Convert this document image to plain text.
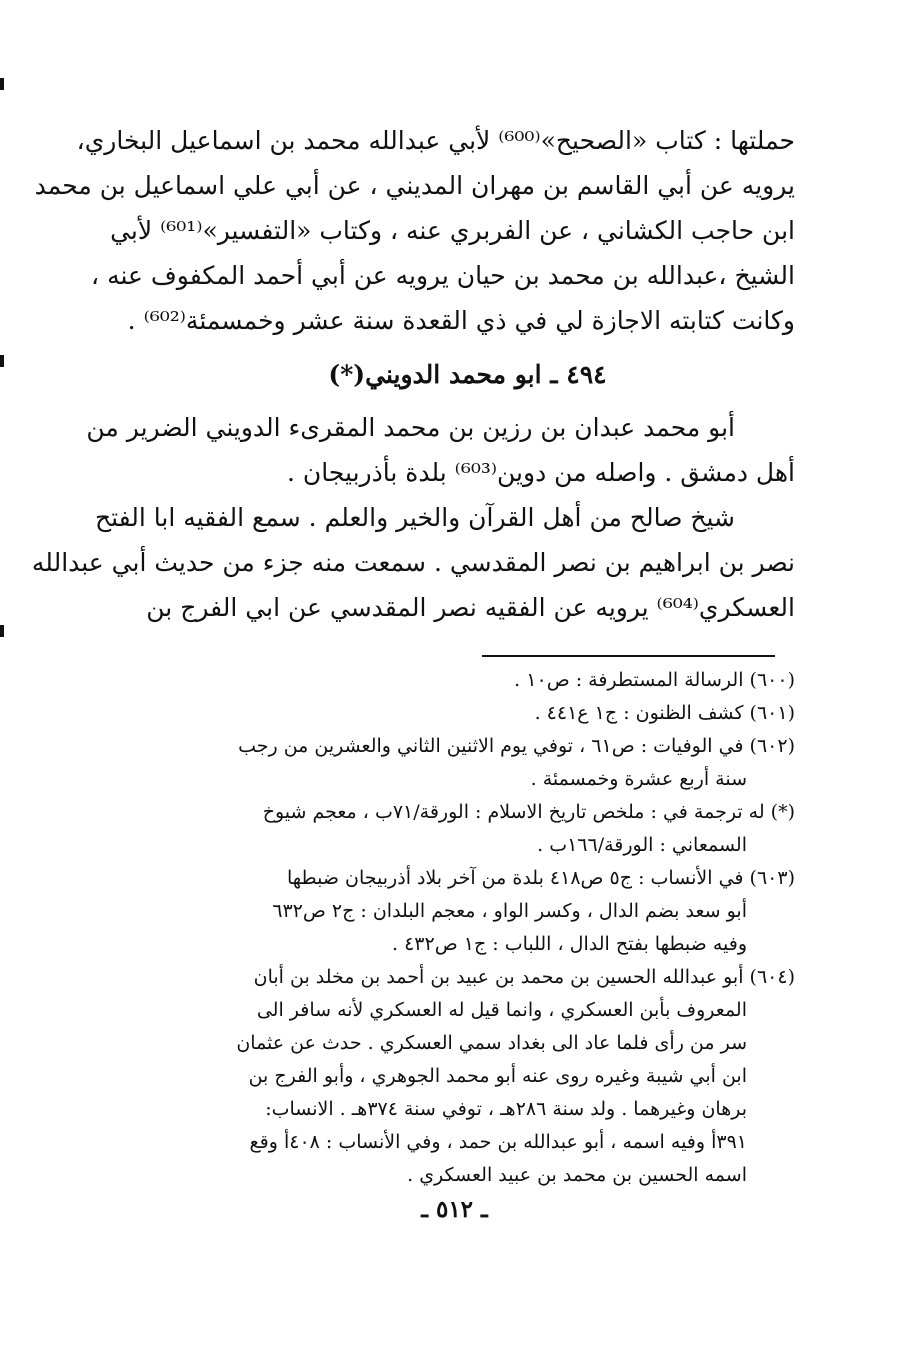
حملتها : كتاب «الصحيح»⁽⁶⁰⁰⁾ لأبي عبدالله محمد بن اسماعيل البخاري،
يرويه عن أبي القاسم بن مهران المديني ، عن أبي علي اسماعيل بن محمد
ابن حاجب الكشاني ، عن الفربري عنه ، وكتاب «التفسير»⁽⁶⁰¹⁾ لأبي
الشيخ ،عبدالله بن محمد بن حيان يرويه عن أبي أحمد المكفوف عنه ،
وكانت كتابته الاجازة لي في ذي القعدة سنة عشر وخمسمئة⁽⁶⁰²⁾ .
٤٩٤ ـ ابو محمد الدويني(*)
أبو محمد عبدان بن رزين بن محمد المقرىء الدويني الضرير من
أهل دمشق . واصله من دوين⁽⁶⁰³⁾ بلدة بأذربيجان .
شيخ صالح من أهل القرآن والخير والعلم . سمع الفقيه ابا الفتح
نصر بن ابراهيم بن نصر المقدسي . سمعت منه جزء من حديث أبي عبدالله
العسكري⁽⁶⁰⁴⁾ يرويه عن الفقيه نصر المقدسي عن ابي الفرج بن
(٦٠٠) الرسالة المستطرفة : ص١٠ .
(٦٠١) كشف الظنون : ج١ ع٤٤١ .
(٦٠٢) في الوفيات : ص٦١ ، توفي يوم الاثنين الثاني والعشرين من رجب
سنة أربع عشرة وخمسمئة .
(*) له ترجمة في : ملخص تاريخ الاسلام : الورقة/٧١ب ، معجم شيوخ
السمعاني : الورقة/١٦٦ب .
(٦٠٣) في الأنساب : ج٥ ص٤١٨ بلدة من آخر بلاد أذربيجان ضبطها
أبو سعد بضم الدال ، وكسر الواو ، معجم البلدان : ج٢ ص٦٣٢
وفيه ضبطها بفتح الدال ، اللباب : ج١ ص٤٣٢ .
(٦٠٤) أبو عبدالله الحسين بن محمد بن عبيد بن أحمد بن مخلد بن أبان
المعروف بأبن العسكري ، وانما قيل له العسكري لأنه سافر الى
سر من رأى فلما عاد الى بغداد سمي العسكري . حدث عن عثمان
ابن أبي شيبة وغيره روى عنه أبو محمد الجوهري ، وأبو الفرج بن
برهان وغيرهما . ولد سنة ٢٨٦هـ ، توفي سنة ٣٧٤هـ . الانساب:
٣٩١أ وفيه اسمه ، أبو عبدالله بن حمد ، وفي الأنساب : ٤٠٨أ وقع
اسمه الحسين بن محمد بن عبيد العسكري .
ـ ٥١٢ ـ
